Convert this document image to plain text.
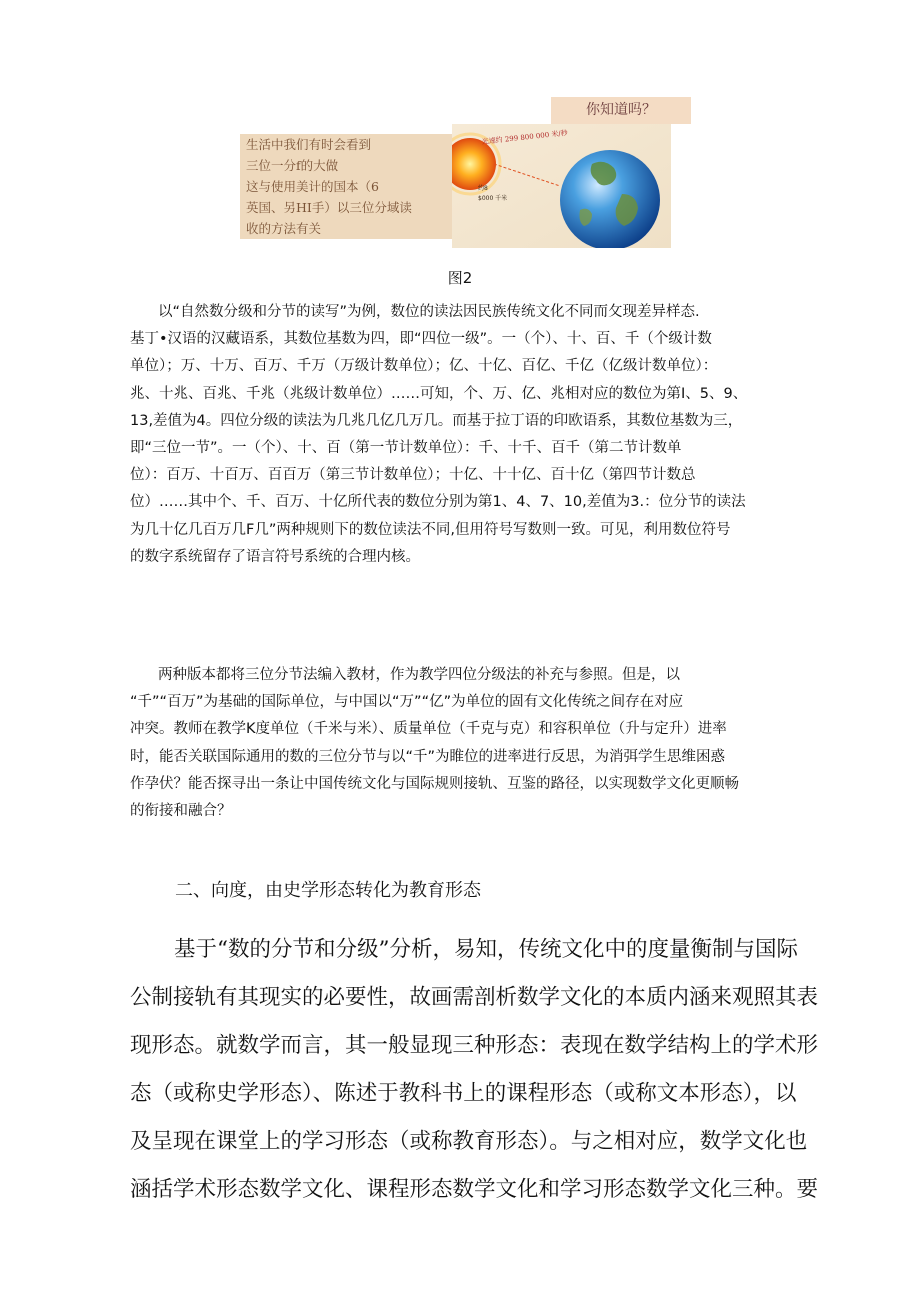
你知道吗？
生活中我们有时会看到
三位一分f的大做
这与使用美计的国本（6
英国、另HI手）以三位分域读
收的方法有关
光速约 299 800 000 米/秒
约8
$000 千米
图2
以“自然数分级和分节的读写”为例，数位的读法因民族传统文化不同而攵现差异样态.
基丁•汉语的汉藏语系，其数位基数为四，即“四位一级”。一（个）、十、百、千（个级计数
单位）；万、十万、百万、千万（万级计数单位）；亿、十亿、百亿、千亿（亿级计数单位）：
兆、十兆、百兆、千兆（兆级计数单位）……可知，个、万、亿、兆相对应的数位为第I、5、9、
13,差值为4。四位分级的读法为几兆几亿几万几。而基于拉丁语的印欧语系，其数位基数为三，
即“三位一节”。一（个）、十、百（第一节计数单位）：千、十千、百千（第二节计数单
位）：百万、十百万、百百万（第三节计数单位）；十亿、十十亿、百十亿（第四节计数总
位）……其中个、千、百万、十亿所代表的数位分别为第1、4、7、10,差值为3.：位分节的读法
为几十亿几百万几F几”两种规则下的数位读法不同,但用符号写数则一致。可见，利用数位符号
的数字系统留存了语言符号系统的合理内核。
两种版本都将三位分节法编入教材，作为教学四位分级法的补充与参照。但是，以
“千”“百万”为基础的国际单位，与中国以“万”“亿”为单位的固有文化传统之间存在对应
冲突。教师在教学K度单位（千米与米）、质量单位（千克与克）和容积单位（升与定升）进率
时，能否关联国际通用的数的三位分节与以“千”为睢位的进率进行反思，为消弭学生思维困惑
作孕伏？能否探寻出一条让中国传统文化与国际规则接轨、互鉴的路径，以实现数学文化更顺畅
的衔接和融合？
二、向度，由史学形态转化为教育形态
基于“数的分节和分级”分析，易知，传统文化中的度量衡制与国际
公制接轨有其现实的必要性，故画需剖析数学文化的本质内涵来观照其表
现形态。就数学而言，其一般显现三种形态：表现在数学结构上的学术形
态（或称史学形态）、陈述于教科书上的课程形态（或称文本形态），以
及呈现在课堂上的学习形态（或称教育形态）。与之相对应，数学文化也
涵括学术形态数学文化、课程形态数学文化和学习形态数学文化三种。要
